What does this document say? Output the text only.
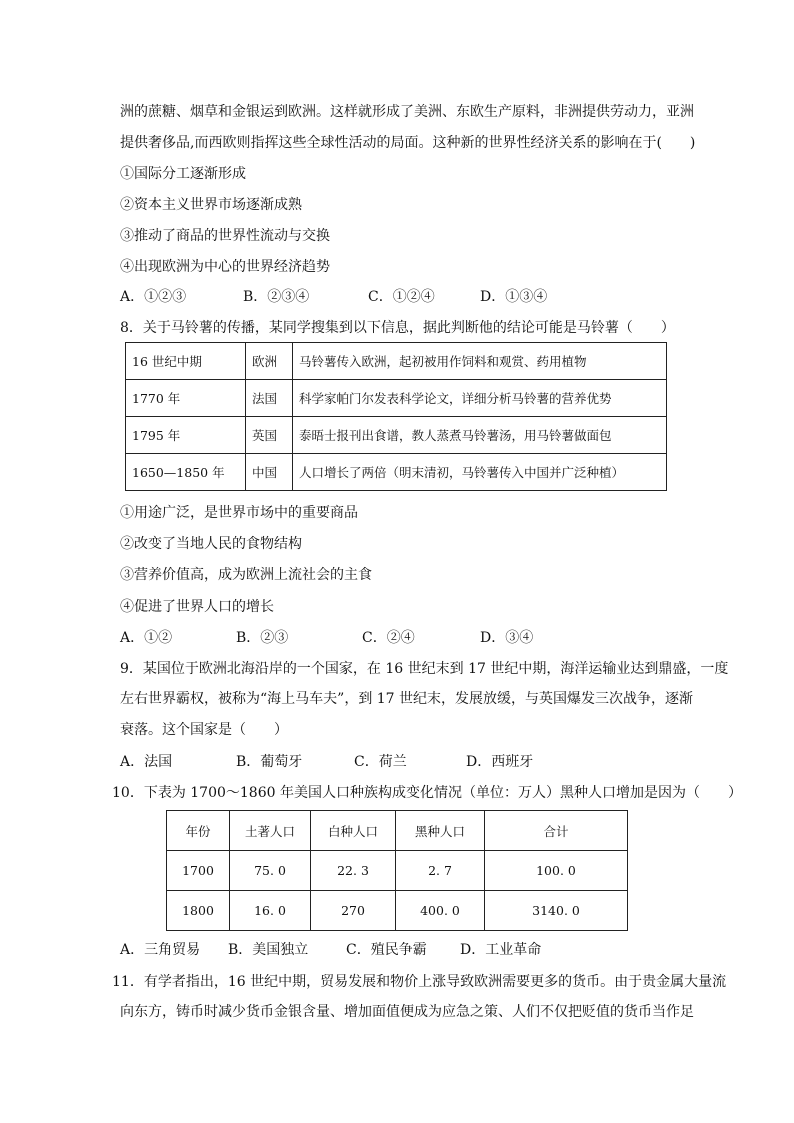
洲的蔗糖、烟草和金银运到欧洲。这样就形成了美洲、东欧生产原料，非洲提供劳动力，亚洲
提供奢侈品,而西欧则指挥这些全球性活动的局面。这种新的世界性经济关系的影响在于(　　)
①国际分工逐渐形成
②资本主义世界市场逐渐成熟
③推动了商品的世界性流动与交换
④出现欧洲为中心的世界经济趋势
A．①②③	B．②③④	C．①②④	D．①③④
8．关于马铃薯的传播，某同学搜集到以下信息，据此判断他的结论可能是马铃薯（　　）
16 世纪中期	欧洲	马铃薯传入欧洲，起初被用作饲料和观赏、药用植物
1770 年	法国	科学家帕门尔发表科学论文，详细分析马铃薯的营养优势
1795 年	英国	泰晤士报刊出食谱，教人蒸煮马铃薯汤，用马铃薯做面包
1650—1850 年	中国	人口增长了两倍（明末清初，马铃薯传入中国并广泛种植）
①用途广泛，是世界市场中的重要商品
②改变了当地人民的食物结构
③营养价值高，成为欧洲上流社会的主食
④促进了世界人口的增长
A．①②	B．②③	C．②④	D．③④
9．某国位于欧洲北海沿岸的一个国家，在 16 世纪末到 17 世纪中期，海洋运输业达到鼎盛，一度
左右世界霸权，被称为“海上马车夫”，到 17 世纪末，发展放缓，与英国爆发三次战争，逐渐
衰落。这个国家是（　　）
A．法国	B．葡萄牙	C．荷兰	D．西班牙
10．下表为 1700～1860 年美国人口种族构成变化情况（单位：万人）黑种人口增加是因为（　　）
年份	土著人口	白种人口	黑种人口	合计
1700	75. 0	22. 3	2. 7	100. 0
1800	16. 0	270	400. 0	3140. 0
A．三角贸易 B．美国独立	C．殖民争霸 D．工业革命
11．有学者指出，16 世纪中期，贸易发展和物价上涨导致欧洲需要更多的货币。由于贵金属大量流
向东方，铸币时减少货币金银含量、增加面值便成为应急之策、人们不仅把贬值的货币当作足
